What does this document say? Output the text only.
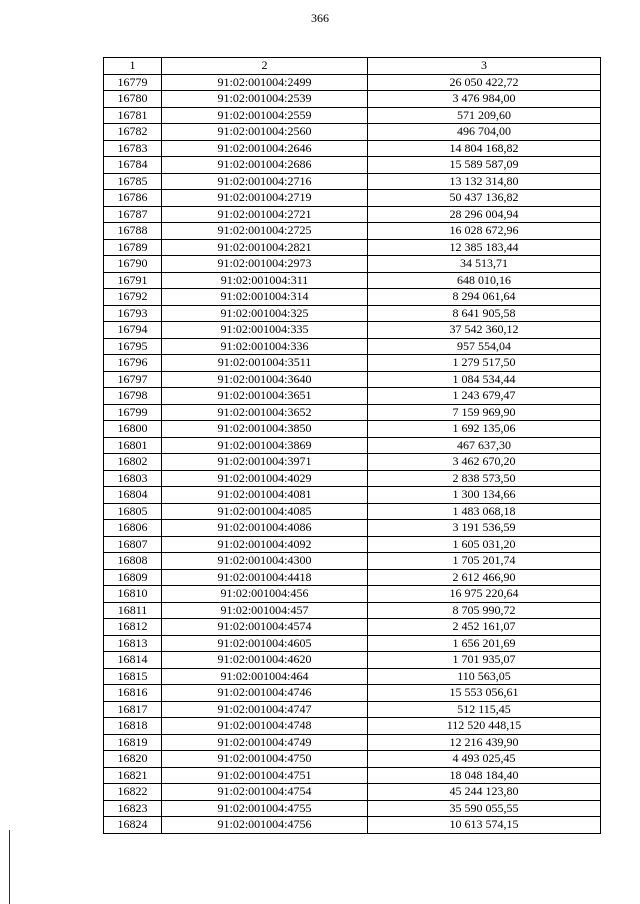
366
1	2	3
16779	91:02:001004:2499	26 050 422,72
16780	91:02:001004:2539	3 476 984,00
16781	91:02:001004:2559	571 209,60
16782	91:02:001004:2560	496 704,00
16783	91:02:001004:2646	14 804 168,82
16784	91:02:001004:2686	15 589 587,09
16785	91:02:001004:2716	13 132 314,80
16786	91:02:001004:2719	50 437 136,82
16787	91:02:001004:2721	28 296 004,94
16788	91:02:001004:2725	16 028 672,96
16789	91:02:001004:2821	12 385 183,44
16790	91:02:001004:2973	34 513,71
16791	91:02:001004:311	648 010,16
16792	91:02:001004:314	8 294 061,64
16793	91:02:001004:325	8 641 905,58
16794	91:02:001004:335	37 542 360,12
16795	91:02:001004:336	957 554,04
16796	91:02:001004:3511	1 279 517,50
16797	91:02:001004:3640	1 084 534,44
16798	91:02:001004:3651	1 243 679,47
16799	91:02:001004:3652	7 159 969,90
16800	91:02:001004:3850	1 692 135,06
16801	91:02:001004:3869	467 637,30
16802	91:02:001004:3971	3 462 670,20
16803	91:02:001004:4029	2 838 573,50
16804	91:02:001004:4081	1 300 134,66
16805	91:02:001004:4085	1 483 068,18
16806	91:02:001004:4086	3 191 536,59
16807	91:02:001004:4092	1 605 031,20
16808	91:02:001004:4300	1 705 201,74
16809	91:02:001004:4418	2 612 466,90
16810	91:02:001004:456	16 975 220,64
16811	91:02:001004:457	8 705 990,72
16812	91:02:001004:4574	2 452 161,07
16813	91:02:001004:4605	1 656 201,69
16814	91:02:001004:4620	1 701 935,07
16815	91:02:001004:464	110 563,05
16816	91:02:001004:4746	15 553 056,61
16817	91:02:001004:4747	512 115,45
16818	91:02:001004:4748	112 520 448,15
16819	91:02:001004:4749	12 216 439,90
16820	91:02:001004:4750	4 493 025,45
16821	91:02:001004:4751	18 048 184,40
16822	91:02:001004:4754	45 244 123,80
16823	91:02:001004:4755	35 590 055,55
16824	91:02:001004:4756	10 613 574,15
